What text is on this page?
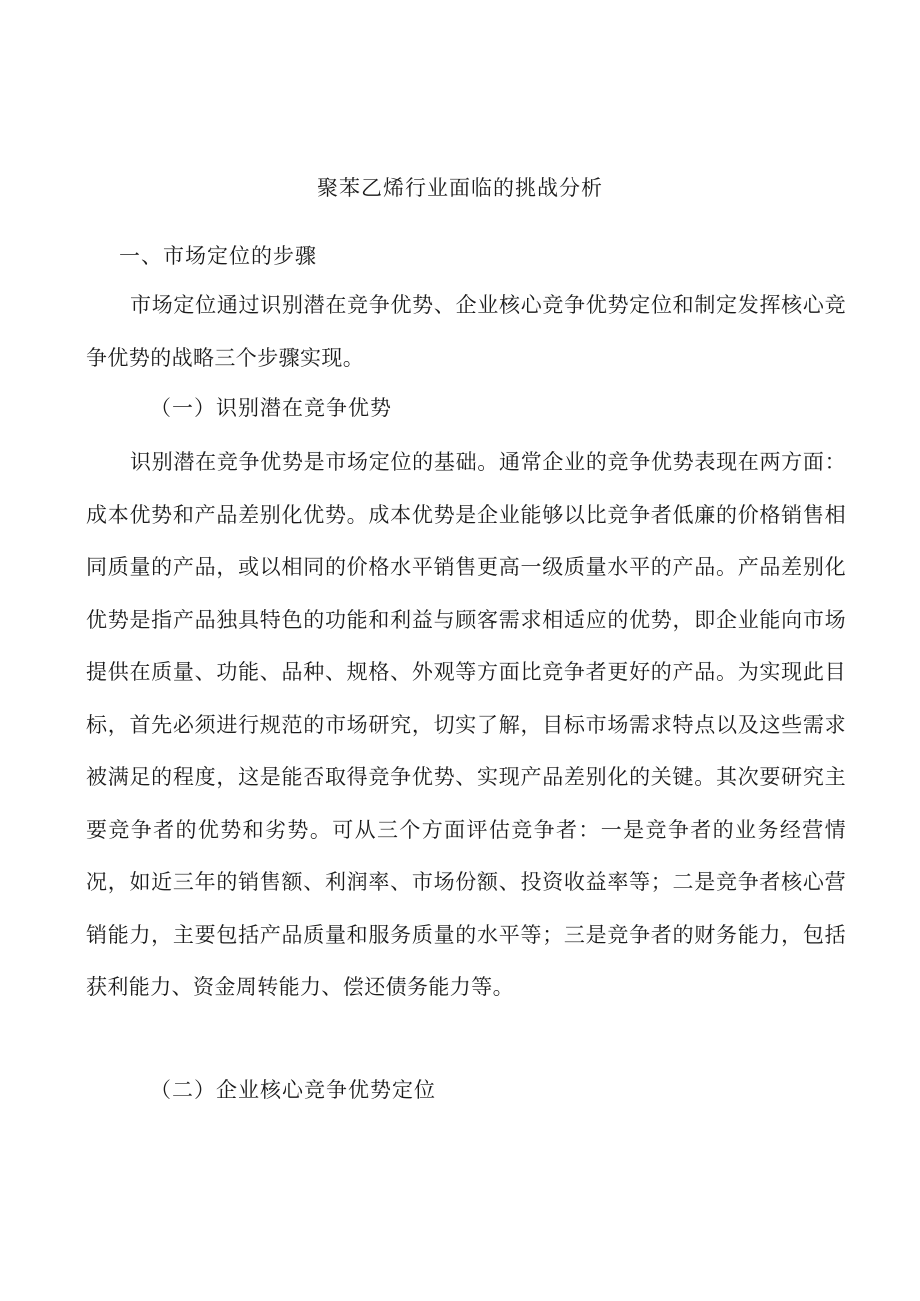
聚苯乙烯行业面临的挑战分析
一、市场定位的步骤
市场定位通过识别潜在竞争优势、企业核心竞争优势定位和制定发挥核心竞争优势的战略三个步骤实现。
（一）识别潜在竞争优势
识别潜在竞争优势是市场定位的基础。通常企业的竞争优势表现在两方面：成本优势和产品差别化优势。成本优势是企业能够以比竞争者低廉的价格销售相同质量的产品，或以相同的价格水平销售更高一级质量水平的产品。产品差别化优势是指产品独具特色的功能和利益与顾客需求相适应的优势，即企业能向市场提供在质量、功能、品种、规格、外观等方面比竞争者更好的产品。为实现此目标，首先必须进行规范的市场研究，切实了解，目标市场需求特点以及这些需求被满足的程度，这是能否取得竞争优势、实现产品差别化的关键。其次要研究主要竞争者的优势和劣势。可从三个方面评估竞争者：一是竞争者的业务经营情况，如近三年的销售额、利润率、市场份额、投资收益率等；二是竞争者核心营销能力，主要包括产品质量和服务质量的水平等；三是竞争者的财务能力，包括获利能力、资金周转能力、偿还债务能力等。
（二）企业核心竞争优势定位
